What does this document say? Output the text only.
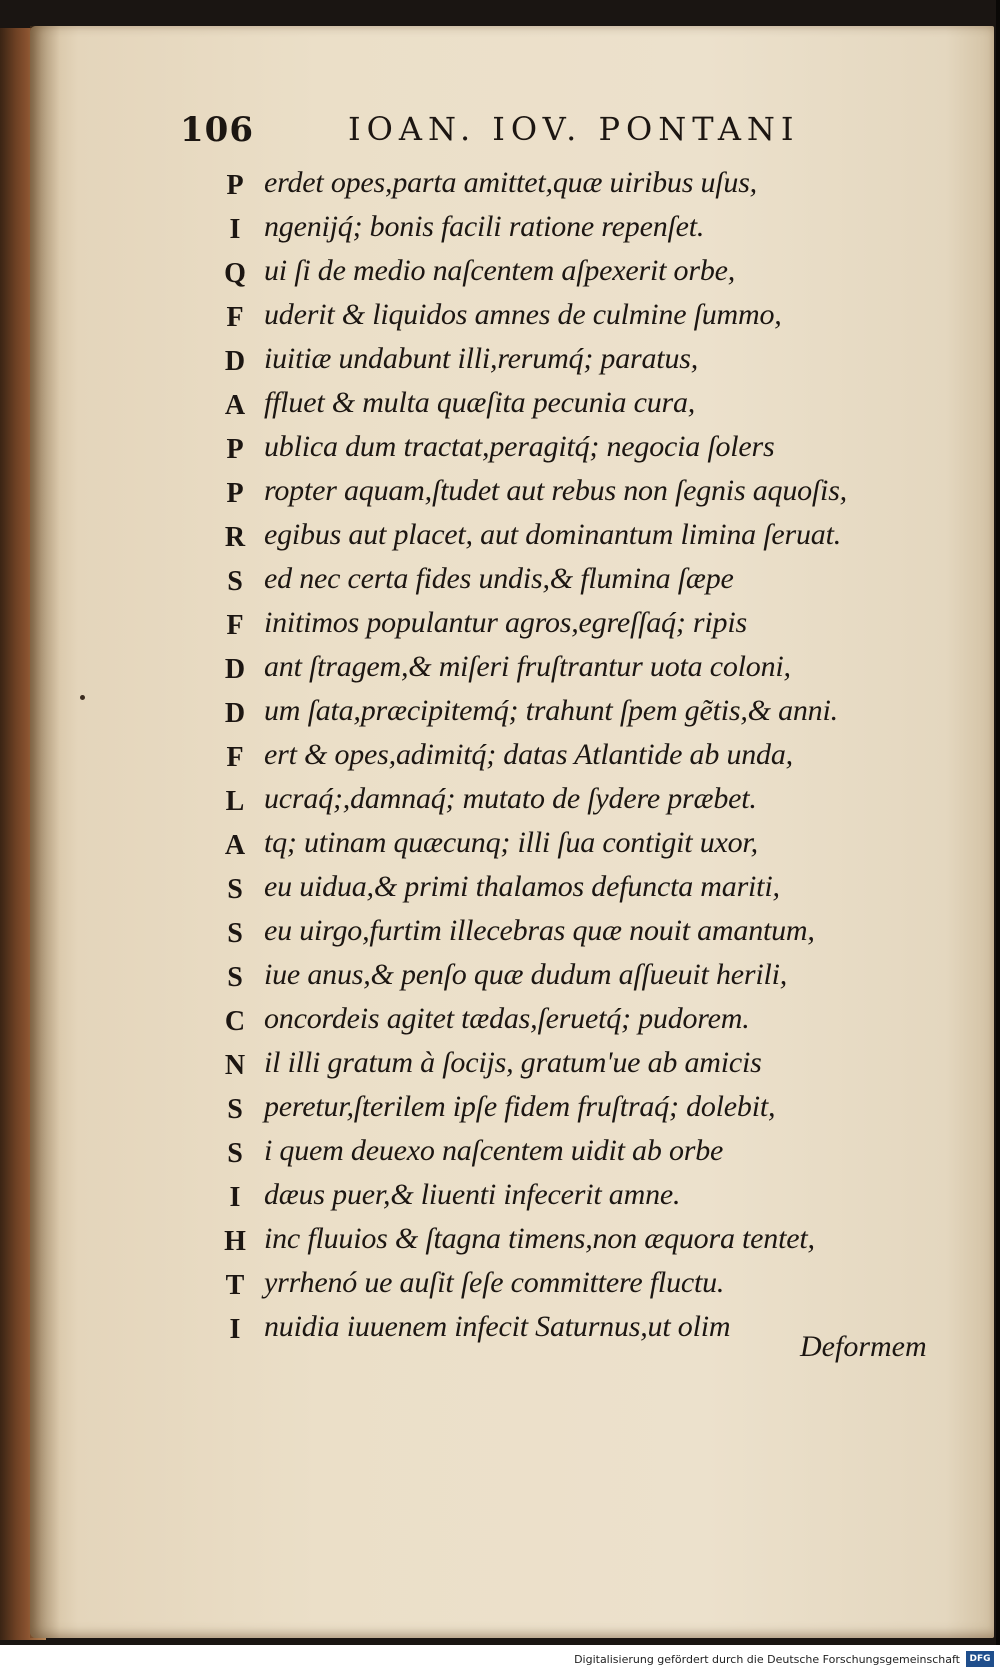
106	IOAN. IOV. PONTANI
P erdet opes,parta amittet,quæ uiribus uſus,
I ngenijq́; bonis facili ratione repenſet.
Q ui ſi de medio naſcentem aſpexerit orbe,
F uderit & liquidos amnes de culmine ſummo,
D iuitiæ undabunt illi,rerumq́; paratus,
A ffluet & multa quæſita pecunia cura,
P ublica dum tractat,peragitq́; negocia ſolers
P ropter aquam,ſtudet aut rebus non ſegnis aquoſis,
R egibus aut placet, aut dominantum limina ſeruat.
S ed nec certa fides undis,& flumina ſæpe
F initimos populantur agros,egreſſaq́; ripis
D ant ſtragem,& miſeri fruſtrantur uota coloni,
D um ſata,præcipitemq́; trahunt ſpem gẽtis,& anni.
F ert & opes,adimitq́; datas Atlantide ab unda,
L ucraq́;,damnaq́; mutato de ſydere præbet.
A tq; utinam quæcunq; illi ſua contigit uxor,
S eu uidua,& primi thalamos defuncta mariti,
S eu uirgo,furtim illecebras quæ nouit amantum,
S iue anus,& penſo quæ dudum aſſueuit herili,
C oncordeis agitet tædas,ſeruetq́; pudorem.
N il illi gratum à ſocijs, gratum'ue ab amicis
S peretur,ſterilem ipſe fidem fruſtraq́; dolebit,
S i quem deuexo naſcentem uidit ab orbe
I dæus puer,& liuenti infecerit amne.
H inc fluuios & ſtagna timens,non æquora tentet,
T yrrhenó ue auſit ſeſe committere fluctu.
I nuidia iuuenem infecit Saturnus,ut olim
Deformem
Digitalisierung gefördert durch die Deutsche Forschungsgemeinschaft	DFG
